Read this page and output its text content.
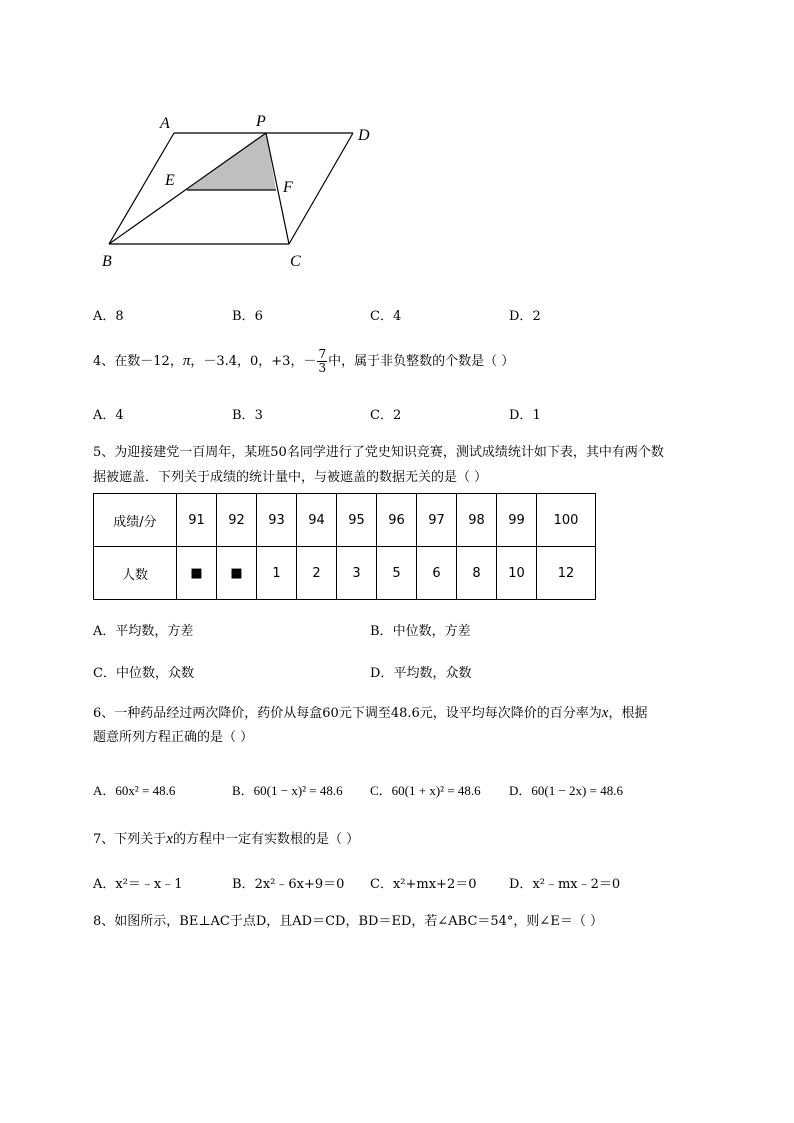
A	P
D
E	F
B	C
A．8	B．6	C．4	D．2
4、在数－12，π，－3.4，0，+3，－ $\frac{7}{3}$ 中，属于非负整数的个数是（ ）
A．4	B．3	C．2	D．1
5、为迎接建党一百周年，某班50名同学进行了党史知识竞赛，测试成绩统计如下表，其中有两个数
据被遮盖．下列关于成绩的统计量中，与被遮盖的数据无关的是（ ）
成绩/分	91	92	93	94	95	96	97	98	99	100
人数	■	■	1	2	3	5	6	8	10	12
A．平均数，方差	B．中位数，方差
C．中位数，众数	D．平均数，众数
6、一种药品经过两次降价，药价从每盒60元下调至48.6元，设平均每次降价的百分率为x，根据
题意所列方程正确的是（ ）
A．60x² = 48.6	B．60(1 − x)² = 48.6 C．60(1 + x)² = 48.6 D．60(1 − 2x) = 48.6
7、下列关于x的方程中一定有实数根的是（ ）
A．x²＝﹣x﹣1	B．2x²﹣6x+9＝0 C．x²+mx+2＝0	D．x²﹣mx﹣2＝0
8、如图所示，BE⊥AC于点D，且AD＝CD，BD＝ED，若∠ABC＝54°，则∠E＝（ ）
